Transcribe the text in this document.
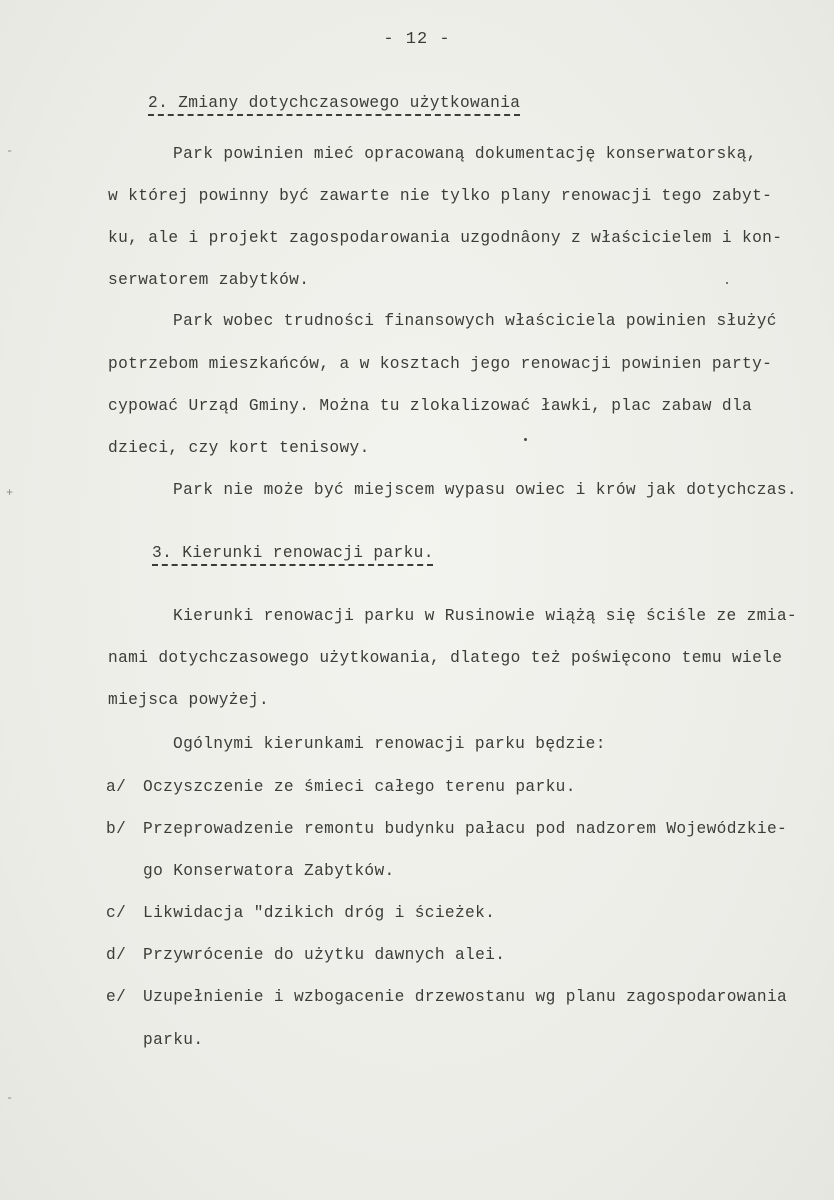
- 12 -
2. Zmiany dotychczasowego użytkowania
Park powinien mieć opracowaną dokumentację konserwatorską,
w której powinny być zawarte nie tylko plany renowacji tego zabyt-
ku, ale i projekt zagospodarowania uzgodnâony z właścicielem i kon-
serwatorem zabytków.
Park wobec trudności finansowych właściciela powinien służyć
potrzebom mieszkańców, a w kosztach jego renowacji powinien party-
cypować Urząd Gminy. Można tu zlokalizować ławki, plac zabaw dla
dzieci, czy kort tenisowy.
Park nie może być miejscem wypasu owiec i krów jak dotychczas.
3. Kierunki renowacji parku.
Kierunki renowacji parku w Rusinowie wiążą się ściśle ze zmia-
nami dotychczasowego użytkowania, dlatego też poświęcono temu wiele
miejsca powyżej.
Ogólnymi kierunkami renowacji parku będzie:
a/ Oczyszczenie ze śmieci całego terenu parku.
b/ Przeprowadzenie remontu budynku pałacu pod nadzorem Wojewódzkie-
go Konserwatora Zabytków.
c/ Likwidacja "dzikich dróg i ścieżek.
d/ Przywrócenie do użytku dawnych alei.
e/ Uzupełnienie i wzbogacenie drzewostanu wg planu zagospodarowania
parku.
-
+
-
